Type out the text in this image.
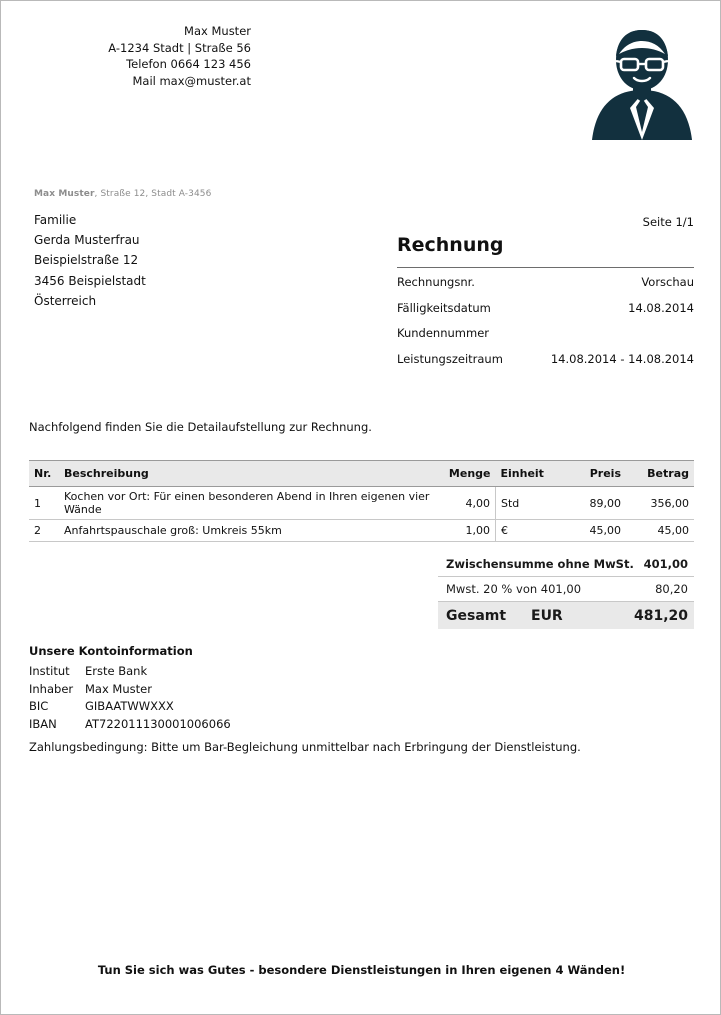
Max Muster
A-1234 Stadt | Straße 56
Telefon 0664 123 456
Mail max@muster.at
Max Muster, Straße 12, Stadt A-3456
Familie
Gerda Musterfrau
Beispielstraße 12
3456 Beispielstadt
Österreich
Seite 1/1
Rechnung
Rechnungsnr.	Vorschau
Fälligkeitsdatum	14.08.2014
Kundennummer
Leistungszeitraum	14.08.2014 - 14.08.2014
Nachfolgend finden Sie die Detailaufstellung zur Rechnung.
Nr.	Beschreibung	Menge	Einheit	Preis	Betrag
1	Kochen vor Ort: Für einen besonderen Abend in Ihren eigenen vier Wände	4,00	Std	89,00	356,00
2	Anfahrtspauschale groß: Umkreis 55km	1,00	€	45,00	45,00
Zwischensumme ohne MwSt. 401,00
Mwst. 20 % von 401,00	80,20
Gesamt EUR	481,20
Unsere Kontoinformation
Institut	Erste Bank
Inhaber	Max Muster
BIC	GIBAATWWXXX
IBAN	AT722011130001006066
Zahlungsbedingung: Bitte um Bar-Begleichung unmittelbar nach Erbringung der Dienstleistung.
Tun Sie sich was Gutes - besondere Dienstleistungen in Ihren eigenen 4 Wänden!
